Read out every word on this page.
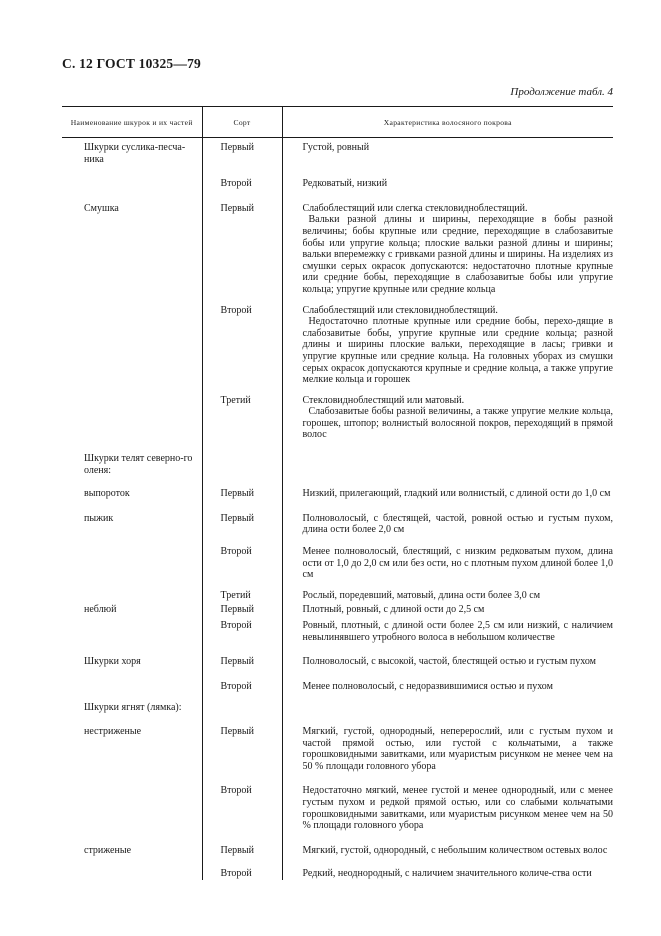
С. 12 ГОСТ 10325—79
Продолжение табл. 4
Наименование шкурок и их частей	Сорт	Характеристика волосяного покрова
Шкурки суслика-песча-ника	Первый	Густой, ровный

	Второй	Редковатый, низкий

Смушка	Первый	Слабоблестящий или слегка стекловидноблестящий.
Вальки разной длины и ширины, переходящие в бобы разной величины; бобы крупные или средние, переходящие в слабозавитые бобы или упругие кольца; плоские вальки разной длины и ширины; вальки вперемежку с гривками разной длины и ширины. На изделиях из смушки серых окрасок допускаются: недостаточно плотные крупные или средние бобы, переходящие в слабозавитые бобы или упругие кольца; упругие крупные или средние кольца

	Второй	Слабоблестящий или стекловидноблестящий.
Недостаточно плотные крупные или средние бобы, перехо-дящие в слабозавитые бобы, упругие крупные или средние кольца; разной длины и ширины плоские вальки, переходящие в ласы; гривки и упругие крупные или средние кольца. На головных уборах из смушки серых окрасок допускаются крупные и средние кольца, а также упругие мелкие кольца и горошек

	Третий	Стекловидноблестящий или матовый.
Слабозавитые бобы разной величины, а также упругие мелкие кольца, горошек, штопор; волнистый волосяной покров, переходящий в прямой волос

Шкурки телят северно-го оленя:		
выпороток	Первый	Низкий, прилегающий, гладкий или волнистый, с длиной ости до 1,0 см

пыжик	Первый	Полноволосый, с блестящей, частой, ровной остью и густым пухом, длина ости более 2,0 см

	Второй	Менее полноволосый, блестящий, с низким редковатым пухом, длина ости от 1,0 до 2,0 см или без ости, но с плотным пухом длиной более 1,0 см

	Третий	Рослый, поредевший, матовый, длина ости более 3,0 см

неблюй	Первый	Плотный, ровный, с длиной ости до 2,5 см

	Второй	Ровный, плотный, с длиной ости более 2,5 см или низкий, с наличием невылинявшего утробного волоса в небольшом количестве

Шкурки хоря	Первый	Полноволосый, с высокой, частой, блестящей остью и густым пухом

	Второй	Менее полноволосый, с недоразвившимися остью и пухом

Шкурки ягнят (лямка):		
нестриженые	Первый	Мягкий, густой, однородный, неперерослий, или с густым пухом и частой прямой остью, или густой с кольчатыми, а также горошковидными завитками, или муаристым рисунком не менее чем на 50 % площади головного убора

	Второй	Недостаточно мягкий, менее густой и менее однородный, или с менее густым пухом и редкой прямой остью, или со слабыми кольчатыми горошковидными завитками, или муаристым рисунком менее чем на 50 % площади головного убора

стриженые	Первый	Мягкий, густой, однородный, с небольшим количеством остевых волос

	Второй	Редкий, неоднородный, с наличием значительного количе-ства ости
